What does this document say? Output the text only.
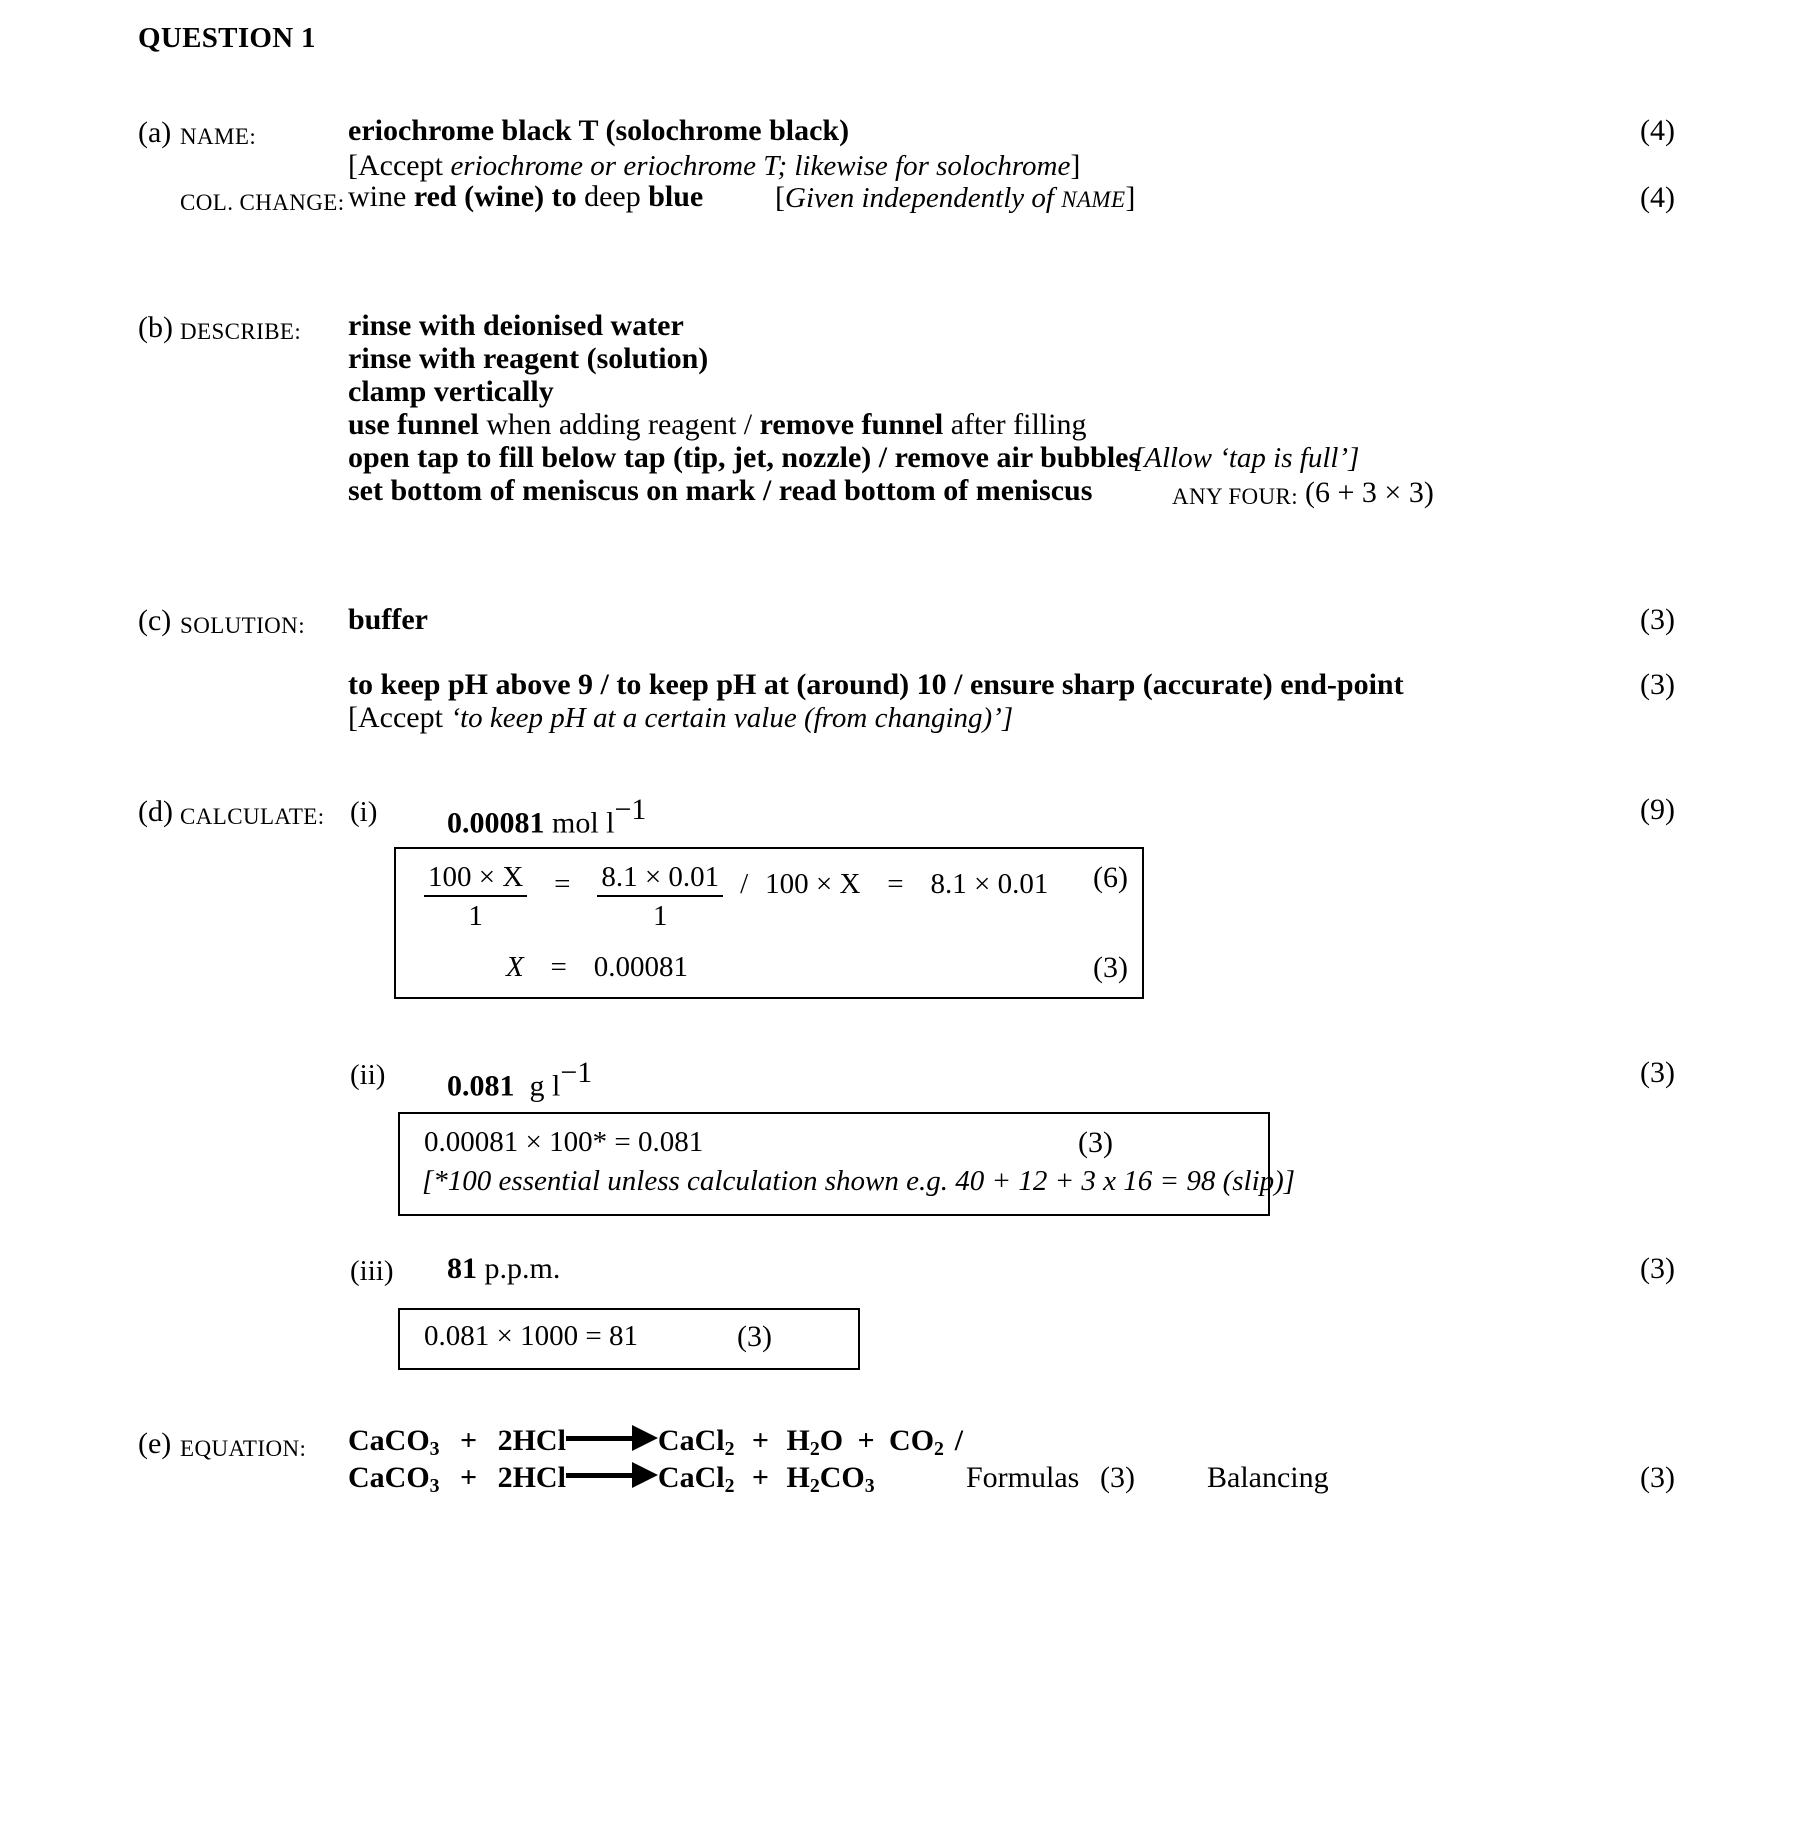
QUESTION 1
(a) NAME:	eriochrome black T (solochrome black)	(4)
[Accept eriochrome or eriochrome T; likewise for solochrome]
COL. CHANGE: wine red (wine) to deep blue [Given independently of NAME]	(4)
(b) DESCRIBE: rinse with deionised water
rinse with reagent (solution)
clamp vertically
use funnel when adding reagent / remove funnel after filling
open tap to fill below tap (tip, jet, nozzle) / remove air bubbles
[Allow ‘tap is full’]
set bottom of meniscus on mark / read bottom of meniscus	ANY FOUR: (6 + 3 × 3)
(c) SOLUTION: buffer	(3)
to keep pH above 9 / to keep pH at (around) 10 / ensure sharp (accurate) end-point	(3)
[Accept ‘to keep pH at a certain value (from changing)’]
(d) CALCULATE: (i) 0.00081 mol $l^{-1}$	(9)
$\frac{100 \times X}{1} = \frac{8.1 \times 0.01}{1} / 100 \times X = 8.1 \times 0.01$ (6)
X = 0.00081	(3)
(ii) 0.081 g $l^{-1}$	(3)
0.00081 × 100* = 0.081	(3)
[*100 essential unless calculation shown e.g. 40 + 12 + 3 x 16 = 98 (slip)]
(iii) 81 p.p.m.	(3)
0.081 × 1000 = 81	(3)
(e) EQUATION: CaCO$_3$ + 2HCl	CaCl$_2$ + $H_2O + CO_2$ /
CaCO$_3$ + 2HCl	CaCl$_2$ + $H_2CO_3$	Formulas (3) Balancing	(3)
